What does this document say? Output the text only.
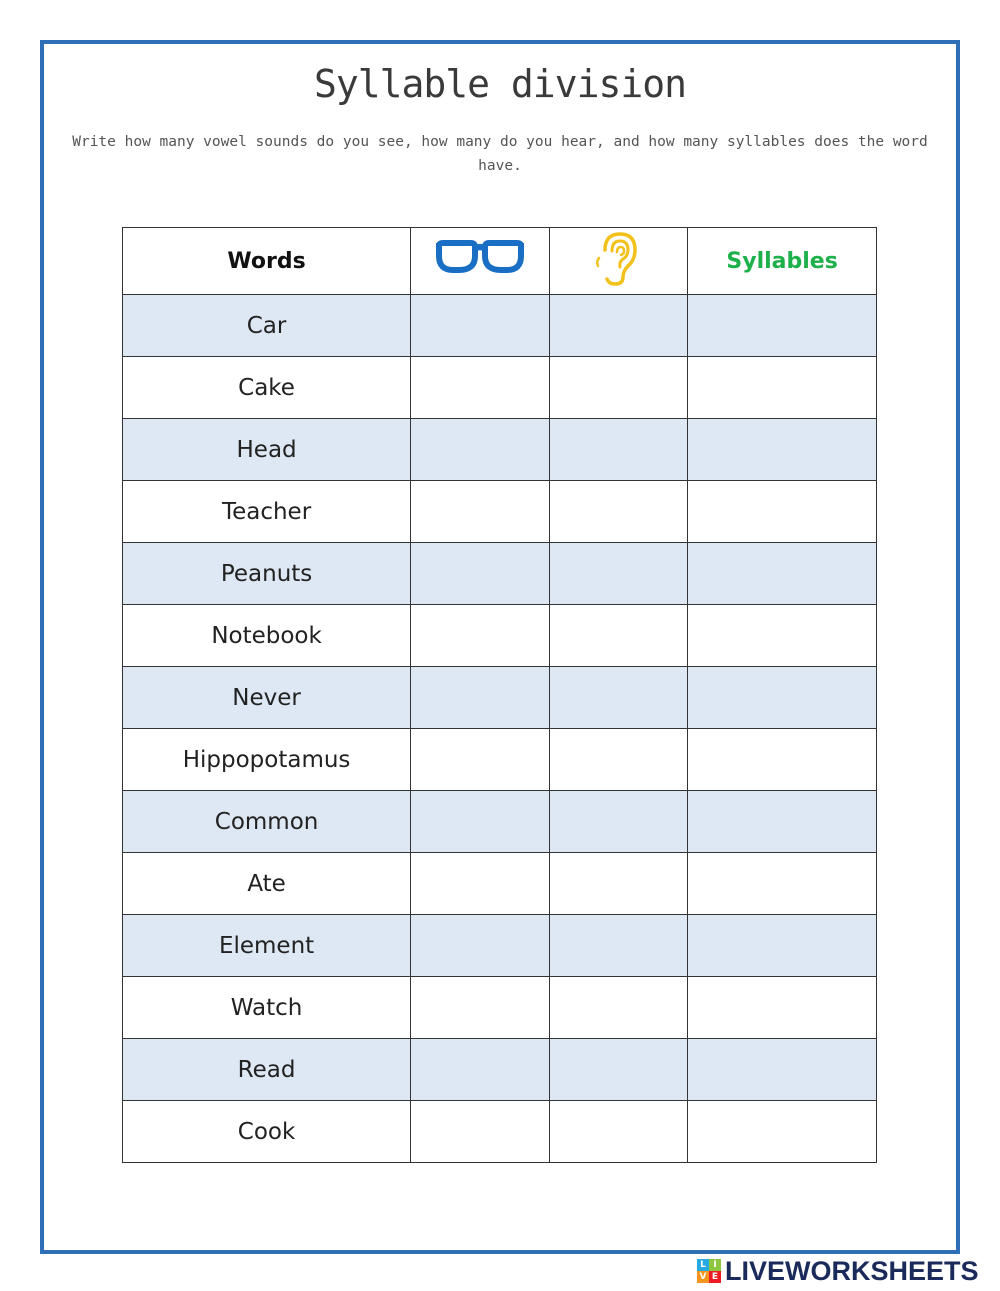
Syllable division
Write how many vowel sounds do you see, how many do you hear, and how many syllables does the word have.
Words			Syllables
Car			
Cake			
Head			
Teacher			
Peanuts			
Notebook			
Never			
Hippopotamus			
Common			
Ate			
Element			
Watch			
Read			
Cook			
L I
V E LIVEWORKSHEETS
